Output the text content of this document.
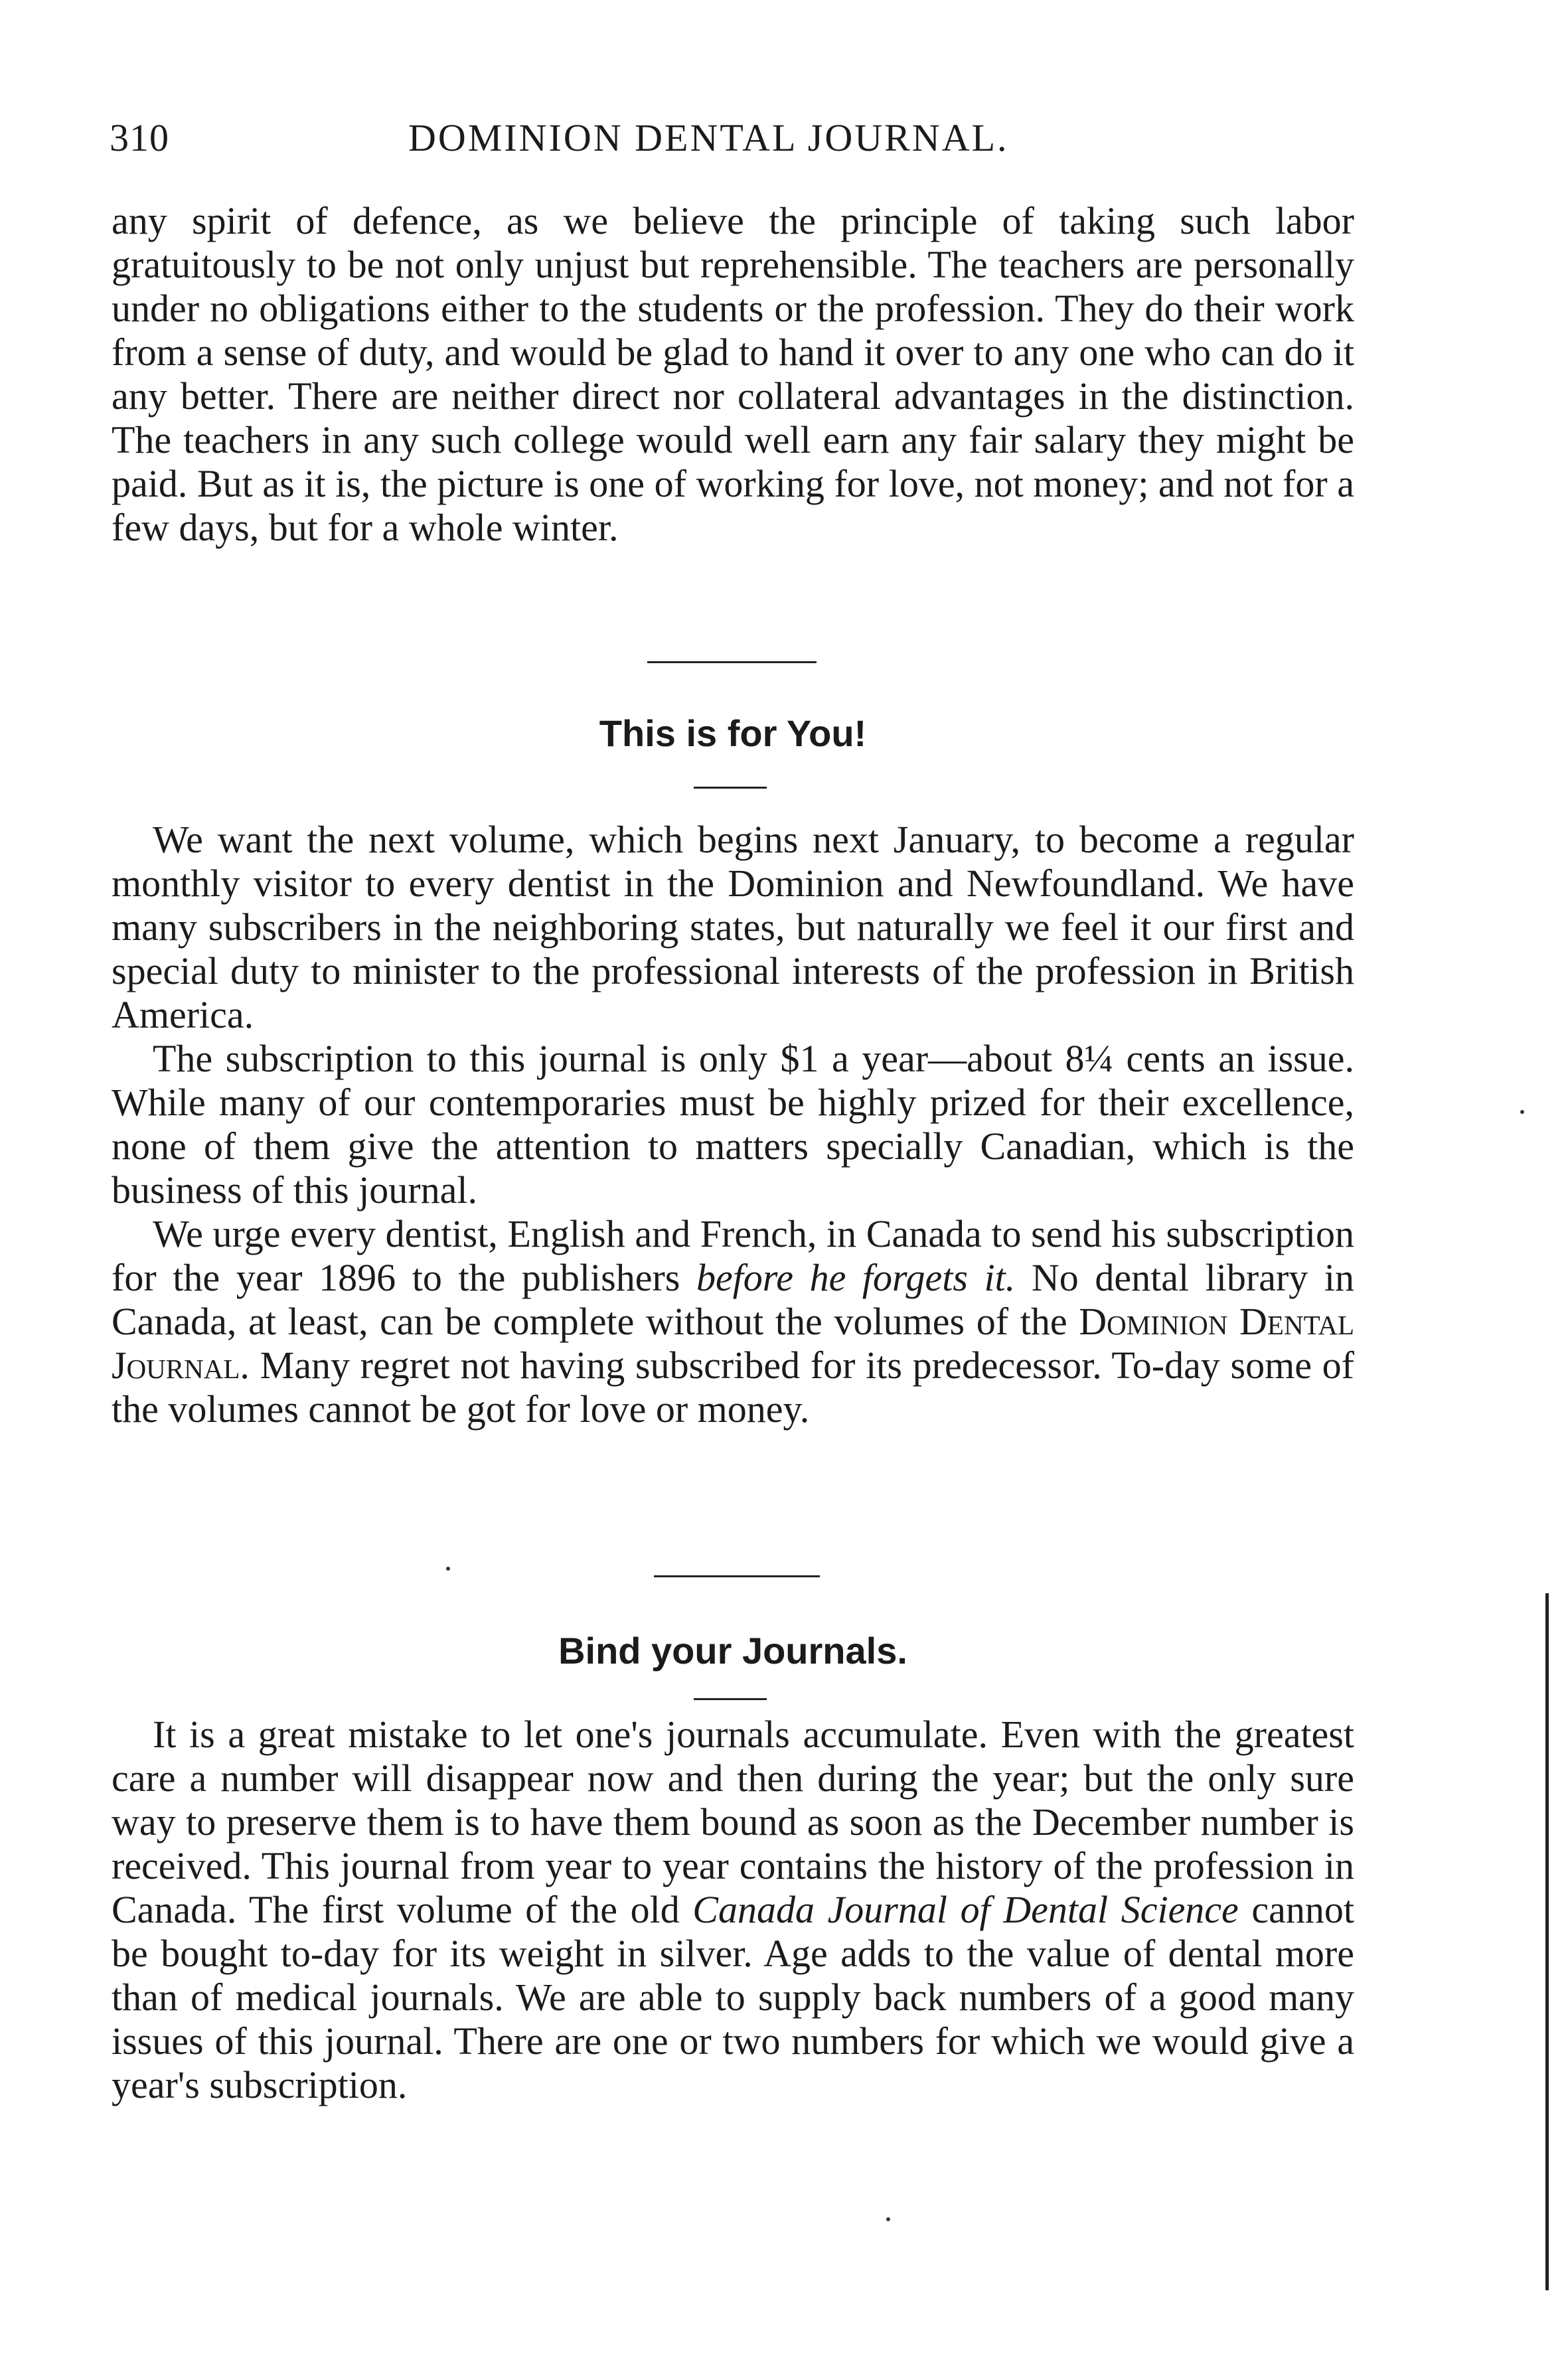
310	DOMINION DENTAL JOURNAL.

any spirit of defence, as we believe the principle of taking such labor gratuitously to be not only unjust but reprehensible. The teachers are personally under no obligations either to the students or the profession. They do their work from a sense of duty, and would be glad to hand it over to any one who can do it any better. There are neither direct nor collateral advantages in the distinction. The teachers in any such college would well earn any fair salary they might be paid. But as it is, the picture is one of working for love, not money; and not for a few days, but for a whole winter.

This is for You!

We want the next volume, which begins next January, to become a regular monthly visitor to every dentist in the Dominion and Newfoundland. We have many subscribers in the neighboring states, but naturally we feel it our first and special duty to minister to the professional interests of the profession in British America.

The subscription to this journal is only $1 a year—about 8¼ cents an issue. While many of our contemporaries must be highly prized for their excellence, none of them give the attention to matters specially Canadian, which is the business of this journal.

We urge every dentist, English and French, in Canada to send his subscription for the year 1896 to the publishers before he forgets it. No dental library in Canada, at least, can be complete without the volumes of the Dominion Dental Journal. Many regret not having subscribed for its predecessor. To-day some of the volumes cannot be got for love or money.

Bind your Journals.

It is a great mistake to let one's journals accumulate. Even with the greatest care a number will disappear now and then during the year; but the only sure way to preserve them is to have them bound as soon as the December number is received. This journal from year to year contains the history of the profession in Canada. The first volume of the old Canada Journal of Dental Science cannot be bought to-day for its weight in silver. Age adds to the value of dental more than of medical journals. We are able to supply back numbers of a good many issues of this journal. There are one or two numbers for which we would give a year's subscription.
